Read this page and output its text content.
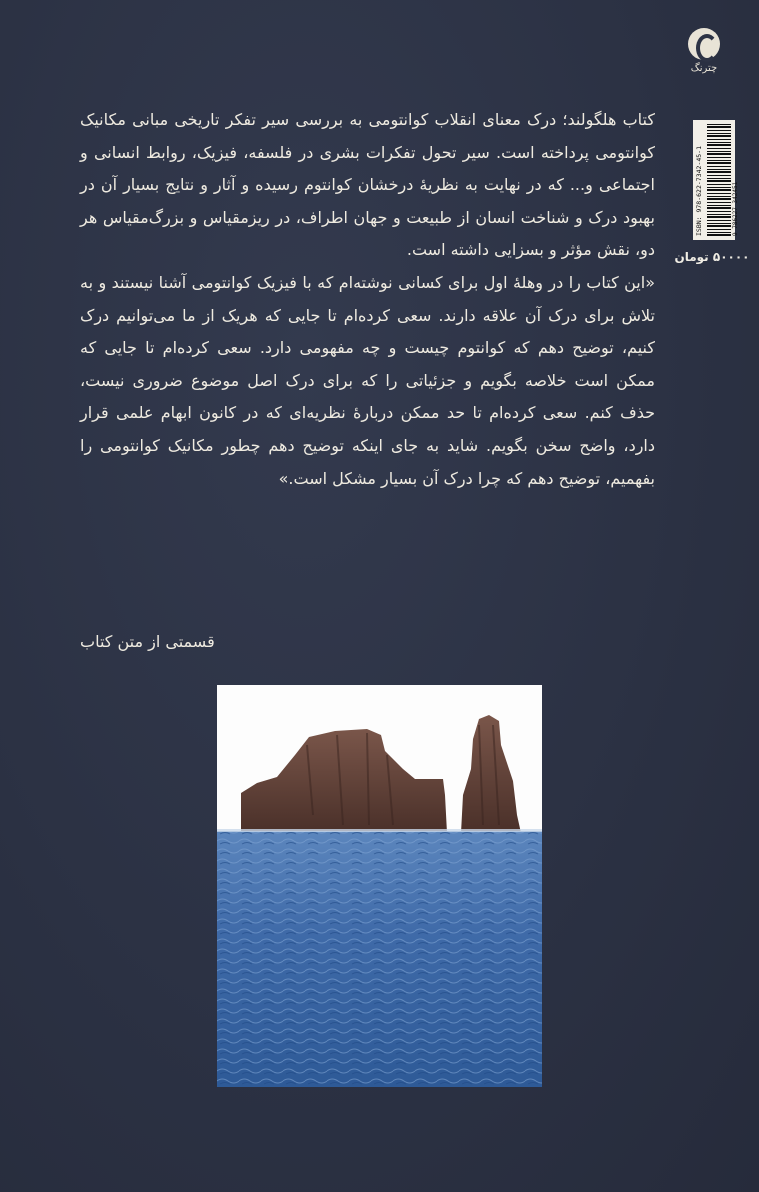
چترنگ
ISBN: 978-622-7342-45-1	9 786227 342451
۵۰۰۰۰ تومان

کتاب هلگولند؛ درک معنای انقلاب کوانتومی به بررسی سیر تفکر تاریخی مبانی مکانیک کوانتومی پرداخته است. سیر تحول تفکرات بشری در فلسفه، فیزیک، روابط انسانی و اجتماعی و... که در نهایت به نظریهٔ درخشان کوانتوم رسیده و آثار و نتایج بسیار آن در بهبود درک و شناخت انسان از طبیعت و جهان اطراف، در ریزمقیاس و بزرگ‌مقیاس هر دو، نقش مؤثر و بسزایی داشته است.

«این کتاب را در وهلهٔ اول برای کسانی نوشته‌ام که با فیزیک کوانتومی آشنا نیستند و به تلاش برای درک آن علاقه دارند. سعی کرده‌ام تا جایی که هریک از ما می‌توانیم درک کنیم، توضیح دهم که کوانتوم چیست و چه مفهومی دارد. سعی کرده‌ام تا جایی که ممکن است خلاصه بگویم و جزئیاتی را که برای درک اصل موضوع ضروری نیست، حذف کنم. سعی کرده‌ام تا حد ممکن دربارهٔ نظریه‌ای که در کانون ابهام علمی قرار دارد، واضح سخن بگویم. شاید به جای اینکه توضیح دهم چطور مکانیک کوانتومی را بفهمیم، توضیح دهم که چرا درک آن بسیار مشکل است.»

قسمتی از متن کتاب
